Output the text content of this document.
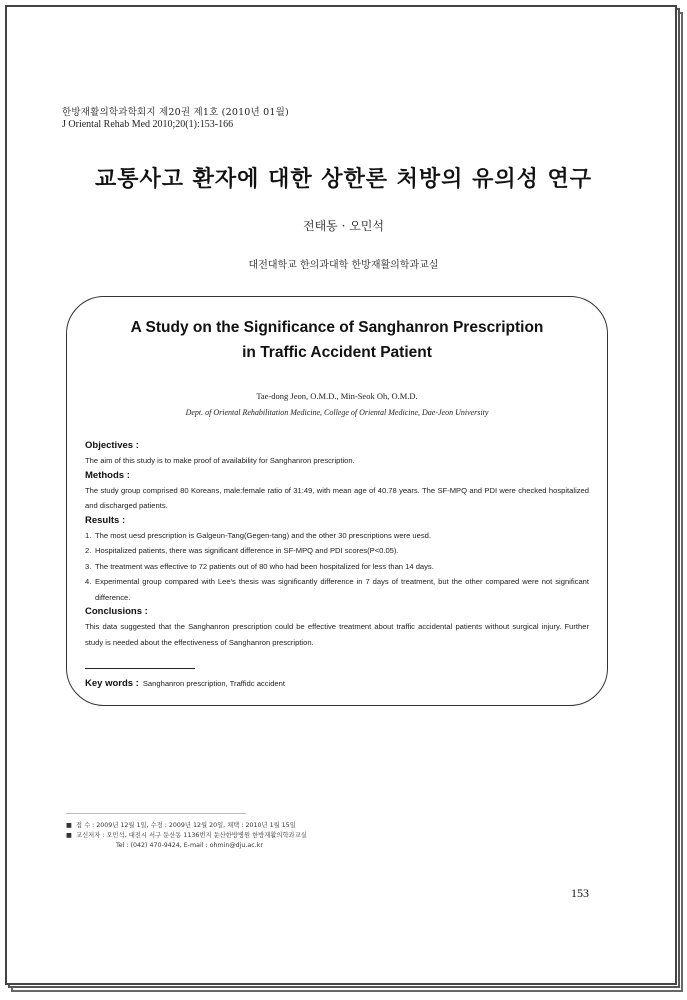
한방재활의학과학회지 제20권 제1호 (2010년 01월)
J Oriental Rehab Med 2010;20(1):153-166
교통사고 환자에 대한 상한론 처방의 유의성 연구
전태동 · 오민석
대전대학교 한의과대학 한방재활의학과교실
A Study on the Significance of Sanghanron Prescription
in Traffic Accident Patient
Tae-dong Jeon, O.M.D., Min-Seok Oh, O.M.D.
Dept. of Oriental Rehabilitation Medicine, College of Oriental Medicine, Dae-Jeon University
Objectives :

The aim of this study is to make proof of availability for Sanghanron prescription.

Methods :

The study group comprised 80 Koreans, male:female ratio of 31:49, with mean age of 40.78 years. The SF-MPQ and PDI were checked hospitalized and discharged patients.

Results :
1. The most uesd prescription is Galgeun-Tang(Gegen-tang) and the other 30 prescriptions were uesd.
2. Hospitalized patients, there was significant difference in SF-MPQ and PDI scores(P<0.05).
3. The treatment was effective to 72 patients out of 80 who had been hospitalized for less than 14 days.
4. Experimental group compared with Lee's thesis was significantly difference in 7 days of treatment, but the other compared were not significant difference.
Conclusions :

This data suggested that the Sanghanron prescription could be effective treatment about traffic accidental patients without surgical injury. Further study is needed about the effectiveness of Sanghanron prescription.

Key words : Sanghanron prescription, Traffidc accident
■ 접 수 : 2009년 12월 1일, 수정 : 2009년 12월 20일, 채택 : 2010년 1월 15일
■ 교신저자 : 오민석, 대전시 서구 둔산동 1136번지 둔산한방병원 한방재활의학과교실
Tel : (042) 470-9424, E-mail : ohmin@dju.ac.kr
153
